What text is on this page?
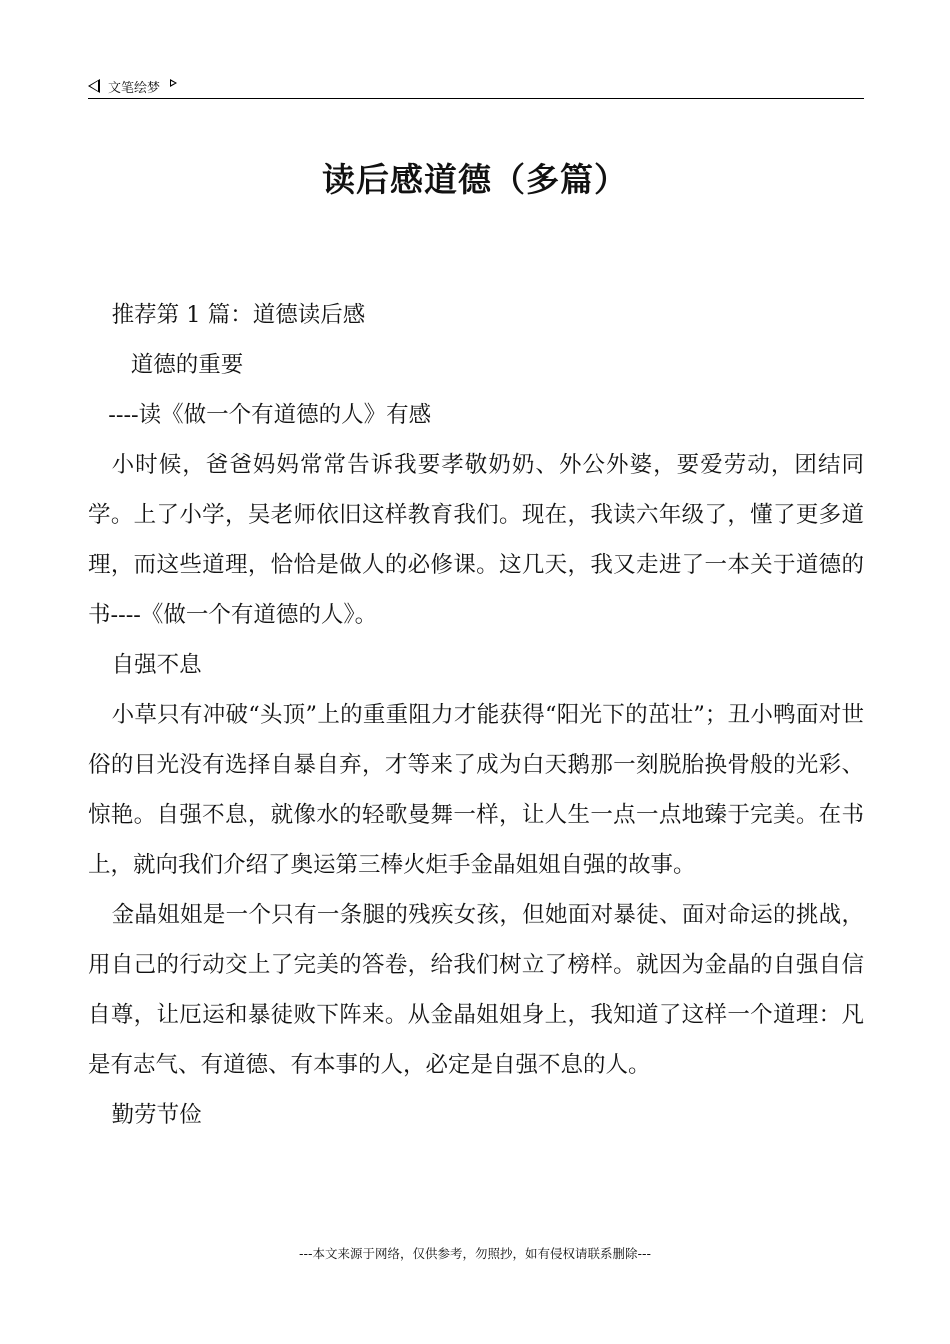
文笔绘梦
读后感道德（多篇）

推荐第 1 篇：道德读后感

道德的重要

----读《做一个有道德的人》有感

小时候，爸爸妈妈常常告诉我要孝敬奶奶、外公外婆，要爱劳动，团结同学。上了小学，吴老师依旧这样教育我们。现在，我读六年级了，懂了更多道理，而这些道理，恰恰是做人的必修课。这几天，我又走进了一本关于道德的书----《做一个有道德的人》。

自强不息

小草只有冲破“头顶”上的重重阻力才能获得“阳光下的茁壮”；丑小鸭面对世俗的目光没有选择自暴自弃，才等来了成为白天鹅那一刻脱胎换骨般的光彩、惊艳。自强不息，就像水的轻歌曼舞一样，让人生一点一点地臻于完美。在书上，就向我们介绍了奥运第三棒火炬手金晶姐姐自强的故事。

金晶姐姐是一个只有一条腿的残疾女孩，但她面对暴徒、面对命运的挑战，用自己的行动交上了完美的答卷，给我们树立了榜样。就因为金晶的自强自信自尊，让厄运和暴徒败下阵来。从金晶姐姐身上，我知道了这样一个道理：凡是有志气、有道德、有本事的人，必定是自强不息的人。

勤劳节俭

---本文来源于网络，仅供参考，勿照抄，如有侵权请联系删除---
